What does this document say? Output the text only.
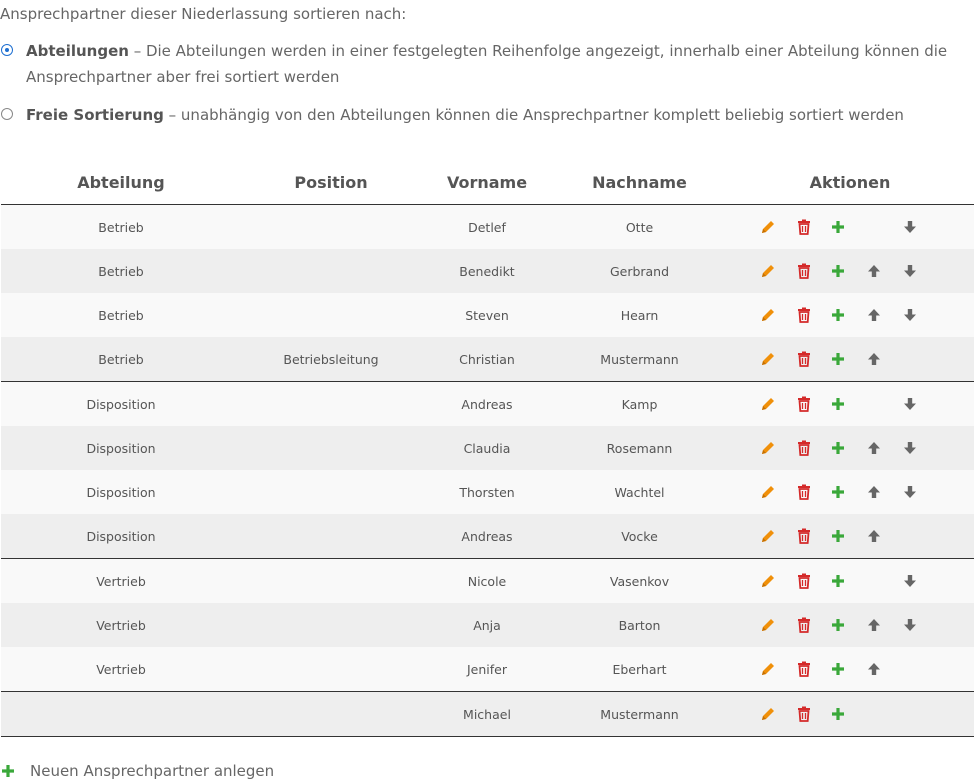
Ansprechpartner dieser Niederlassung sortieren nach:
Abteilungen – Die Abteilungen werden in einer festgelegten Reihenfolge angezeigt, innerhalb einer Abteilung können die Ansprechpartner aber frei sortiert werden
Freie Sortierung – unabhängig von den Abteilungen können die Ansprechpartner komplett beliebig sortiert werden
Abteilung	Position	Vorname	Nachname	Aktionen
Betrieb		Detlef	Otte	

Betrieb		Benedikt	Gerbrand	

Betrieb		Steven	Hearn	

Betrieb	Betriebsleitung	Christian	Mustermann	

Disposition		Andreas	Kamp	

Disposition		Claudia	Rosemann	

Disposition		Thorsten	Wachtel	

Disposition		Andreas	Vocke	

Vertrieb		Nicole	Vasenkov	

Vertrieb		Anja	Barton	

Vertrieb		Jenifer	Eberhart	

		Michael	Mustermann	
Neuen Ansprechpartner anlegen
